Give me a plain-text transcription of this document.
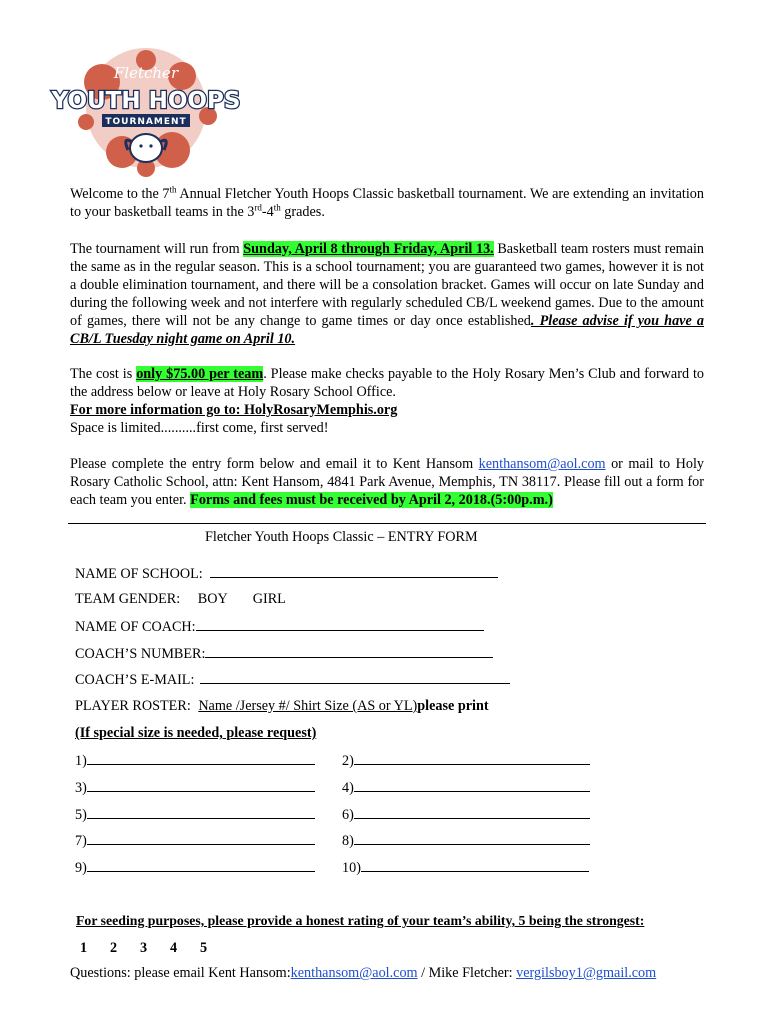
Fletcher
YOUTH HOOPS
TOURNAMENT
Welcome to the 7th Annual Fletcher Youth Hoops Classic basketball tournament. We are extending an invitation to your basketball teams in the 3rd-4th grades.
The tournament will run from Sunday, April 8 through Friday, April 13. Basketball team rosters must remain the same as in the regular season. This is a school tournament; you are guaranteed two games, however it is not a double elimination tournament, and there will be a consolation bracket. Games will occur on late Sunday and during the following week and not interfere with regularly scheduled CB/L weekend games. Due to the amount of games, there will not be any change to game times or day once established. Please advise if you have a CB/L Tuesday night game on April 10.
The cost is only $75.00 per team. Please make checks payable to the Holy Rosary Men’s Club and forward to the address below or leave at Holy Rosary School Office.
For more information go to: HolyRosaryMemphis.org
Space is limited..........first come, first served!
Please complete the entry form below and email it to Kent Hansom kenthansom@aol.com or mail to Holy Rosary Catholic School, attn: Kent Hansom, 4841 Park Avenue, Memphis, TN 38117. Please fill out a form for each team you enter. Forms and fees must be received by April 2, 2018.(5:00p.m.)
Fletcher Youth Hoops Classic – ENTRY FORM
NAME OF SCHOOL:
TEAM GENDER: BOY GIRL
NAME OF COACH:
COACH’S NUMBER:
COACH’S E-MAIL:
PLAYER ROSTER: Name /Jersey #/ Shirt Size (AS or YL)please print
(If special size is needed, please request)
1)	2)
3)	4)
5)	6)
7)	8)
9)	10)
For seeding purposes, please provide a honest rating of your team’s ability, 5 being the strongest:
1 2 3 4 5
Questions: please email Kent Hansom:kenthansom@aol.com / Mike Fletcher: vergilsboy1@gmail.com
